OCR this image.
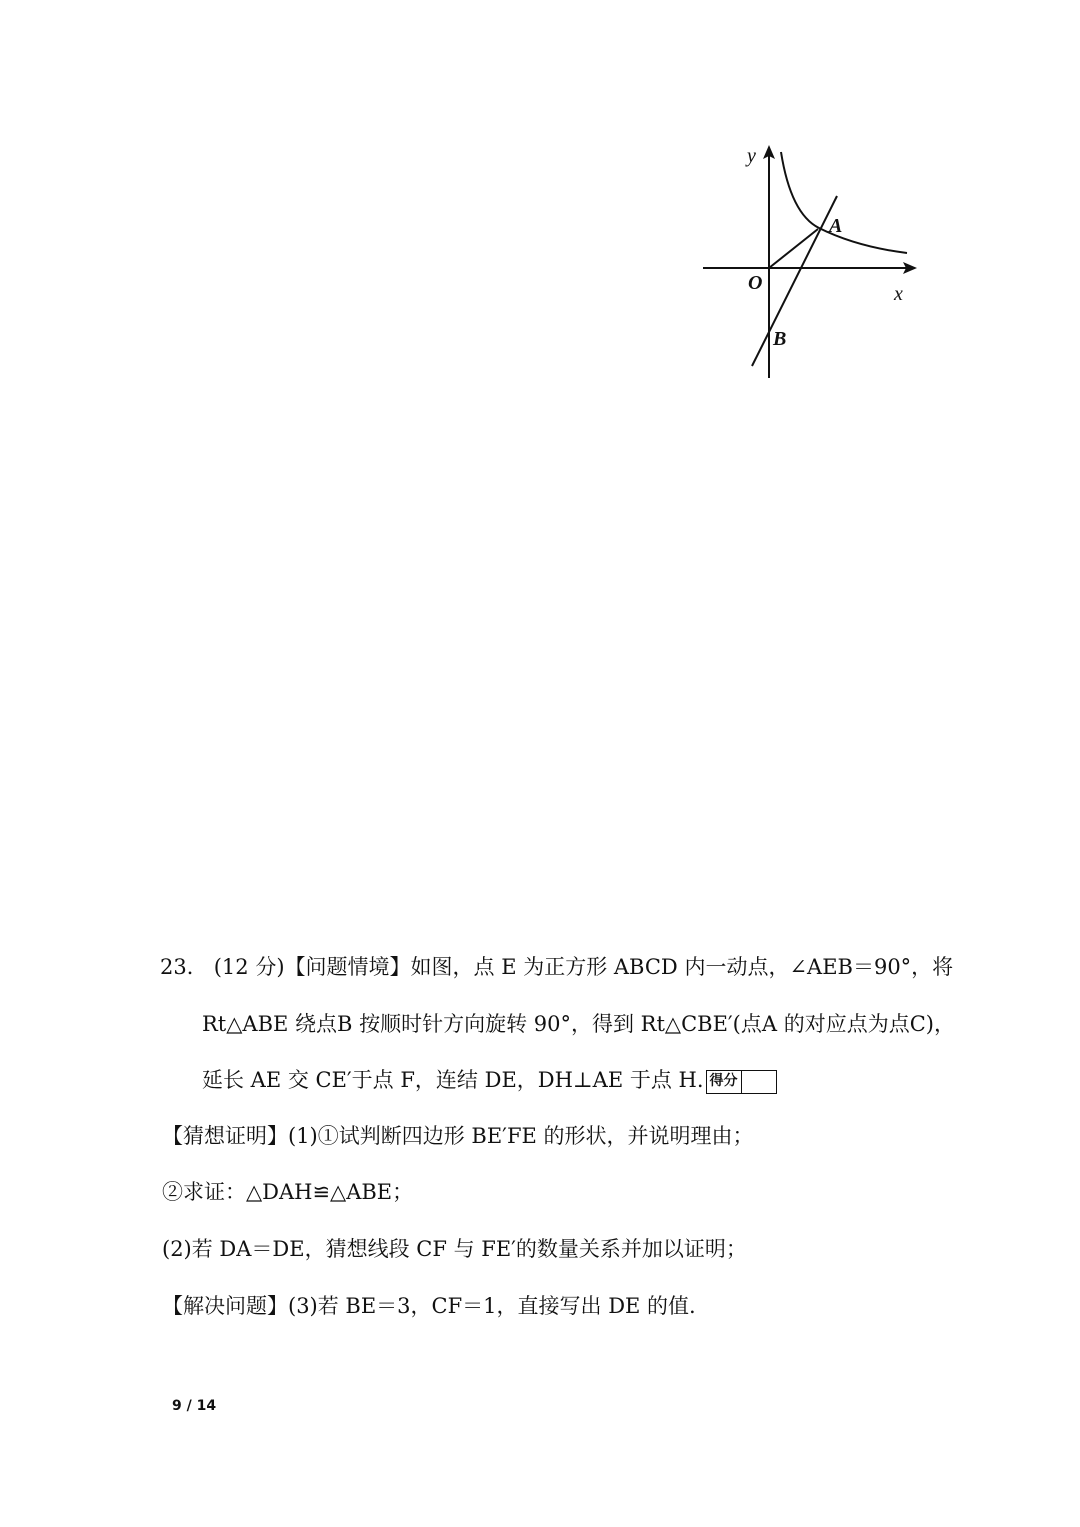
y
x
O
A
B
23． (12 分)【问题情境】如图，点 E 为正方形 ABCD 内一动点，∠AEB＝90°，将
Rt△ABE 绕点B 按顺时针方向旋转 90°，得到 Rt△CBE′(点A 的对应点为点C)，
延长 AE 交 CE′于点 F，连结 DE，DH⊥AE 于点 H. 得分
【猜想证明】(1)①试判断四边形 BE′FE 的形状，并说明理由；
②求证：△DAH≌△ABE；
(2)若 DA＝DE，猜想线段 CF 与 FE′的数量关系并加以证明；
【解决问题】(3)若 BE＝3，CF＝1，直接写出 DE 的值.
9 / 14
